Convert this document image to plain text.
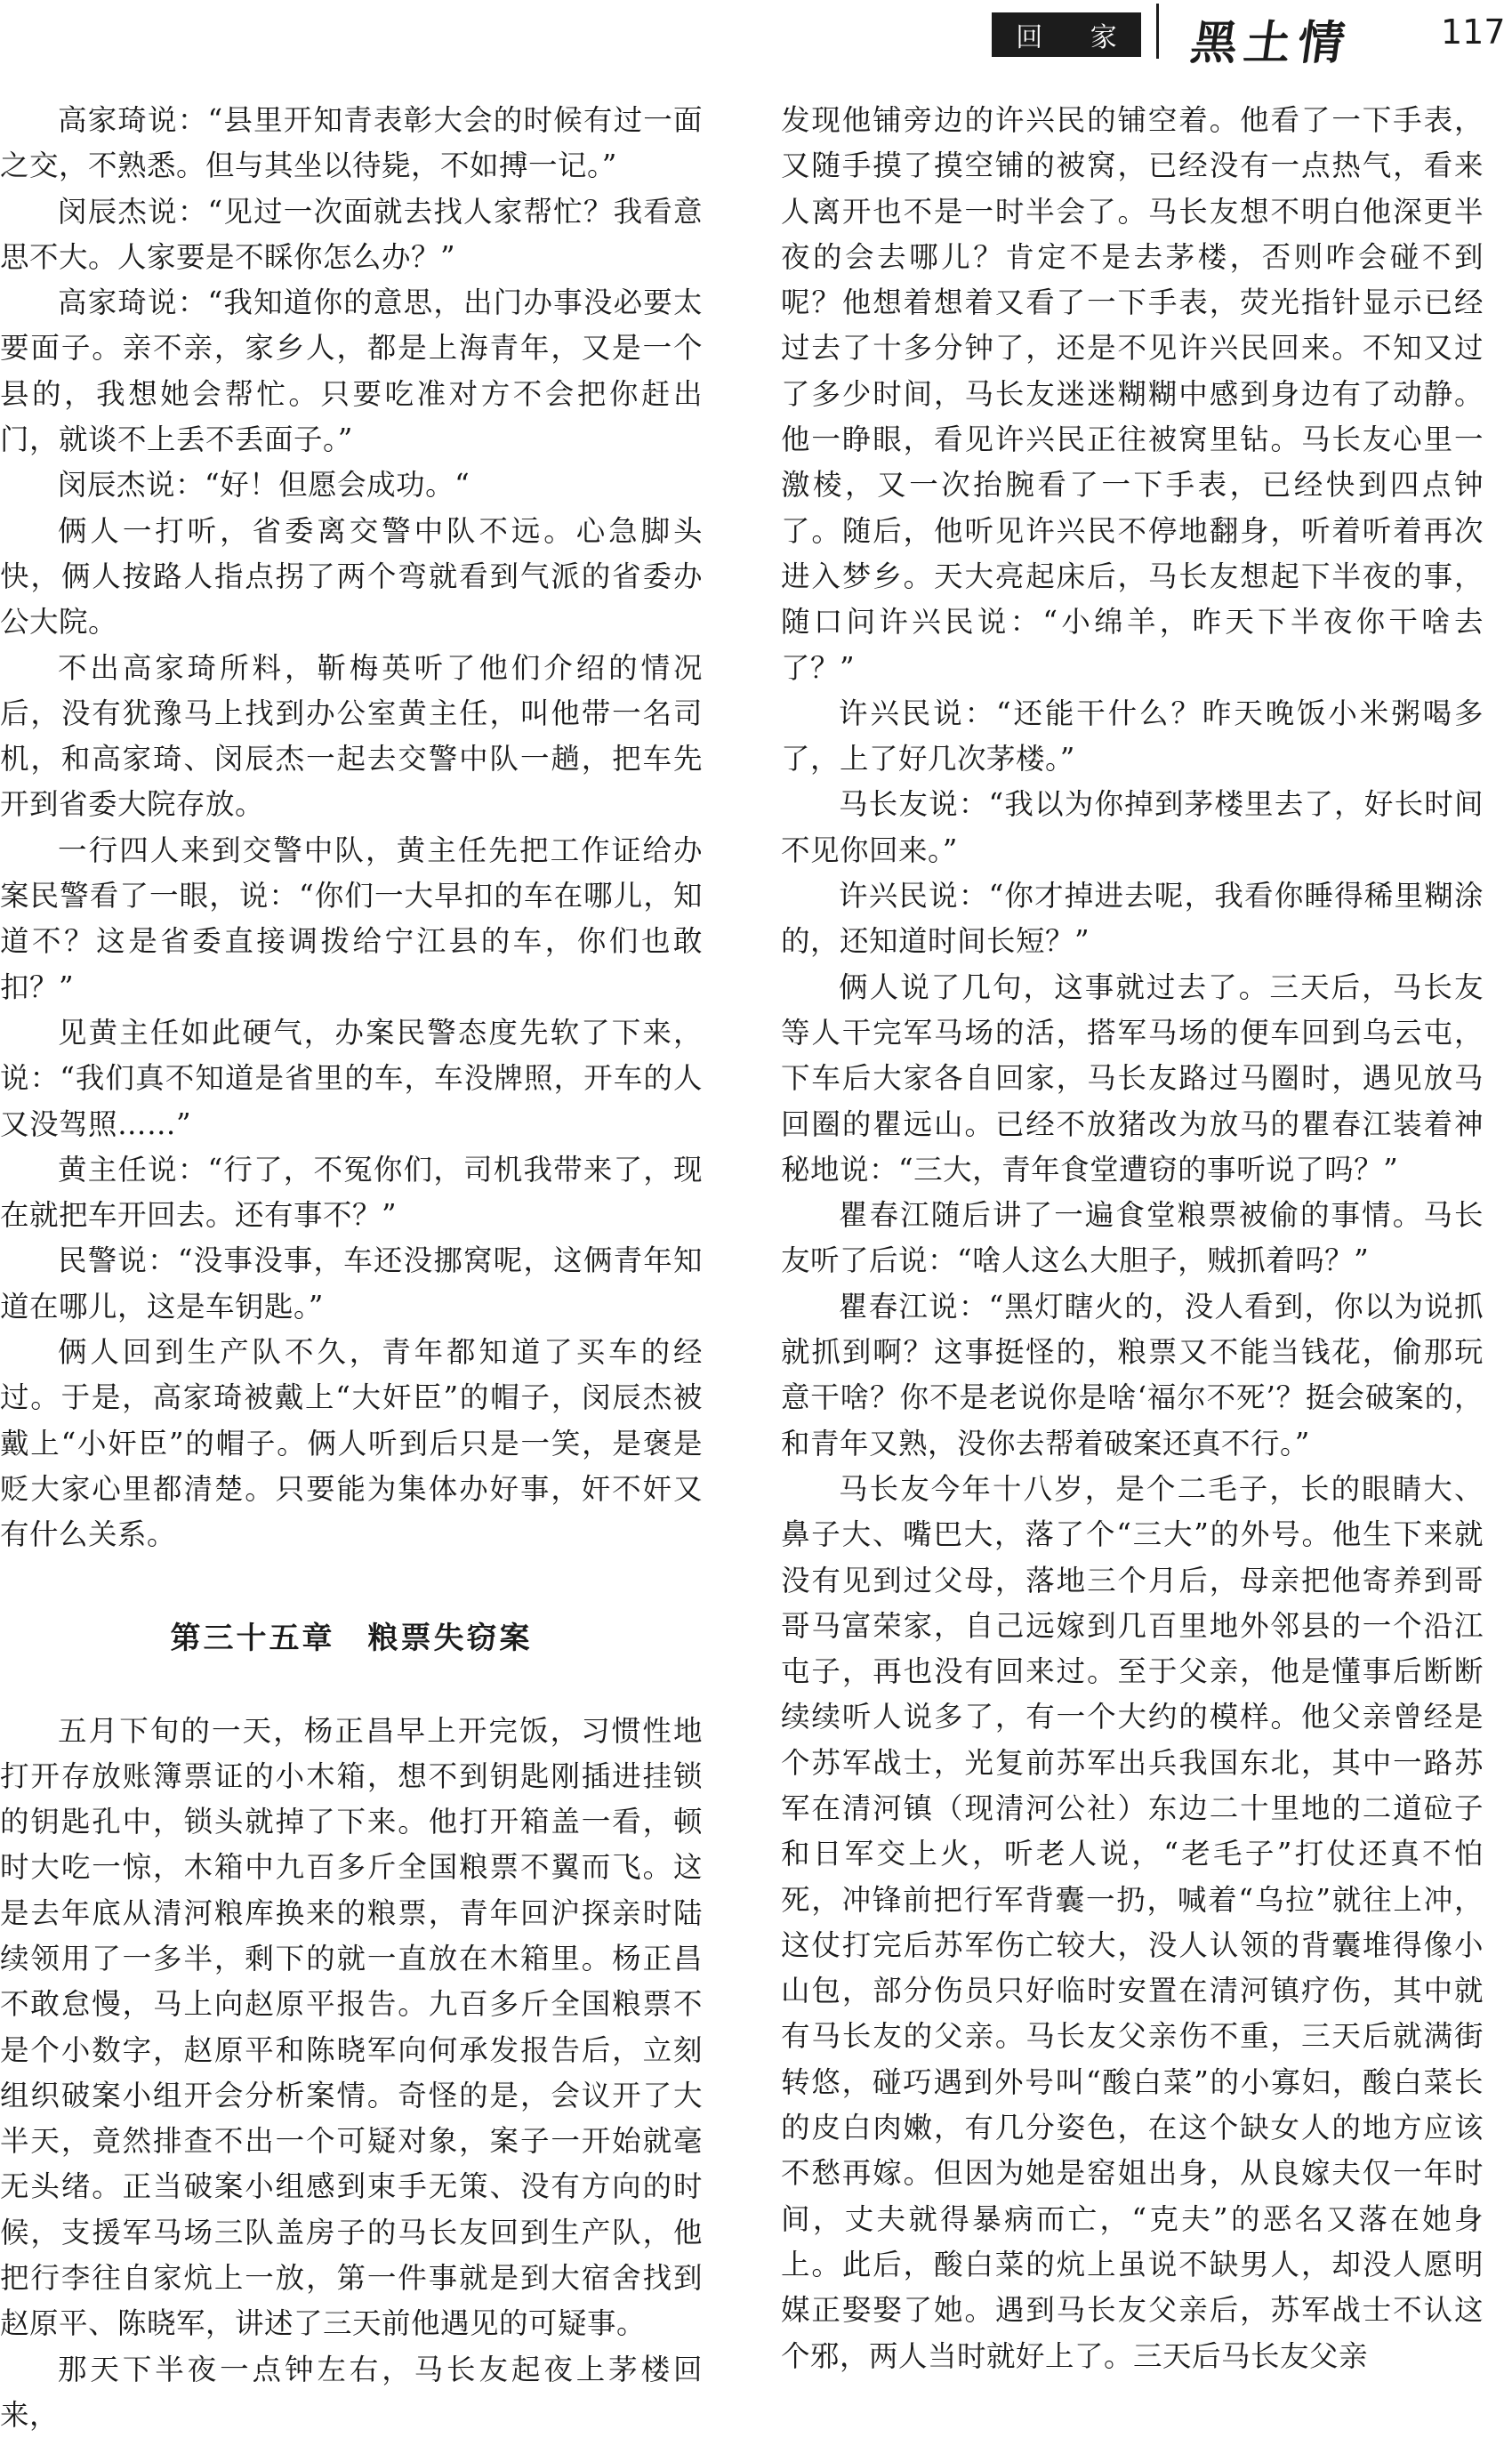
回 家 黑土情	117

高家琦说：“县里开知青表彰大会的时候有过一面之交，不熟悉。但与其坐以待毙，不如搏一记。”

闵辰杰说：“见过一次面就去找人家帮忙？我看意思不大。人家要是不睬你怎么办？”

高家琦说：“我知道你的意思，出门办事没必要太要面子。亲不亲，家乡人，都是上海青年，又是一个县的，我想她会帮忙。只要吃准对方不会把你赶出门，就谈不上丢不丢面子。”

闵辰杰说：“好！但愿会成功。“

俩人一打听，省委离交警中队不远。心急脚头快，俩人按路人指点拐了两个弯就看到气派的省委办公大院。

不出高家琦所料，靳梅英听了他们介绍的情况后，没有犹豫马上找到办公室黄主任，叫他带一名司机，和高家琦、闵辰杰一起去交警中队一趟，把车先开到省委大院存放。

一行四人来到交警中队，黄主任先把工作证给办案民警看了一眼，说：“你们一大早扣的车在哪儿，知道不？这是省委直接调拨给宁江县的车，你们也敢扣？”

见黄主任如此硬气，办案民警态度先软了下来，说：“我们真不知道是省里的车，车没牌照，开车的人又没驾照……”

黄主任说：“行了，不冤你们，司机我带来了，现在就把车开回去。还有事不？”

民警说：“没事没事，车还没挪窝呢，这俩青年知道在哪儿，这是车钥匙。”

俩人回到生产队不久，青年都知道了买车的经过。于是，高家琦被戴上“大奸臣”的帽子，闵辰杰被戴上“小奸臣”的帽子。俩人听到后只是一笑，是褒是贬大家心里都清楚。只要能为集体办好事，奸不奸又有什么关系。

第三十五章　粮票失窃案

五月下旬的一天，杨正昌早上开完饭，习惯性地打开存放账簿票证的小木箱，想不到钥匙刚插进挂锁的钥匙孔中，锁头就掉了下来。他打开箱盖一看，顿时大吃一惊，木箱中九百多斤全国粮票不翼而飞。这是去年底从清河粮库换来的粮票，青年回沪探亲时陆续领用了一多半，剩下的就一直放在木箱里。杨正昌不敢怠慢，马上向赵原平报告。九百多斤全国粮票不是个小数字，赵原平和陈晓军向何承发报告后，立刻组织破案小组开会分析案情。奇怪的是，会议开了大半天，竟然排查不出一个可疑对象，案子一开始就毫无头绪。正当破案小组感到束手无策、没有方向的时候，支援军马场三队盖房子的马长友回到生产队，他把行李往自家炕上一放，第一件事就是到大宿舍找到赵原平、陈晓军，讲述了三天前他遇见的可疑事。

那天下半夜一点钟左右，马长友起夜上茅楼回来，

发现他铺旁边的许兴民的铺空着。他看了一下手表，又随手摸了摸空铺的被窝，已经没有一点热气，看来人离开也不是一时半会了。马长友想不明白他深更半夜的会去哪儿？肯定不是去茅楼，否则咋会碰不到呢？他想着想着又看了一下手表，荧光指针显示已经过去了十多分钟了，还是不见许兴民回来。不知又过了多少时间，马长友迷迷糊糊中感到身边有了动静。他一睁眼，看见许兴民正往被窝里钻。马长友心里一激棱，又一次抬腕看了一下手表，已经快到四点钟了。随后，他听见许兴民不停地翻身，听着听着再次进入梦乡。天大亮起床后，马长友想起下半夜的事，随口问许兴民说：“小绵羊，昨天下半夜你干啥去了？”

许兴民说：“还能干什么？昨天晚饭小米粥喝多了，上了好几次茅楼。”

马长友说：“我以为你掉到茅楼里去了，好长时间不见你回来。”

许兴民说：“你才掉进去呢，我看你睡得稀里糊涂的，还知道时间长短？”

俩人说了几句，这事就过去了。三天后，马长友等人干完军马场的活，搭军马场的便车回到乌云屯，下车后大家各自回家，马长友路过马圈时，遇见放马回圈的瞿远山。已经不放猪改为放马的瞿春江装着神秘地说：“三大，青年食堂遭窃的事听说了吗？”

瞿春江随后讲了一遍食堂粮票被偷的事情。马长友听了后说：“啥人这么大胆子，贼抓着吗？”

瞿春江说：“黑灯瞎火的，没人看到，你以为说抓就抓到啊？这事挺怪的，粮票又不能当钱花，偷那玩意干啥？你不是老说你是啥‘福尔不死’？挺会破案的，和青年又熟，没你去帮着破案还真不行。”

马长友今年十八岁，是个二毛子，长的眼睛大、鼻子大、嘴巴大，落了个“三大”的外号。他生下来就没有见到过父母，落地三个月后，母亲把他寄养到哥哥马富荣家，自己远嫁到几百里地外邻县的一个沿江屯子，再也没有回来过。至于父亲，他是懂事后断断续续听人说多了，有一个大约的模样。他父亲曾经是个苏军战士，光复前苏军出兵我国东北，其中一路苏军在清河镇（现清河公社）东边二十里地的二道砬子和日军交上火，听老人说，“老毛子”打仗还真不怕死，冲锋前把行军背囊一扔，喊着“乌拉”就往上冲，这仗打完后苏军伤亡较大，没人认领的背囊堆得像小山包，部分伤员只好临时安置在清河镇疗伤，其中就有马长友的父亲。马长友父亲伤不重，三天后就满街转悠，碰巧遇到外号叫“酸白菜”的小寡妇，酸白菜长的皮白肉嫩，有几分姿色，在这个缺女人的地方应该不愁再嫁。但因为她是窑姐出身，从良嫁夫仅一年时间，丈夫就得暴病而亡，“克夫”的恶名又落在她身上。此后，酸白菜的炕上虽说不缺男人，却没人愿明媒正娶娶了她。遇到马长友父亲后，苏军战士不认这个邪，两人当时就好上了。三天后马长友父亲
